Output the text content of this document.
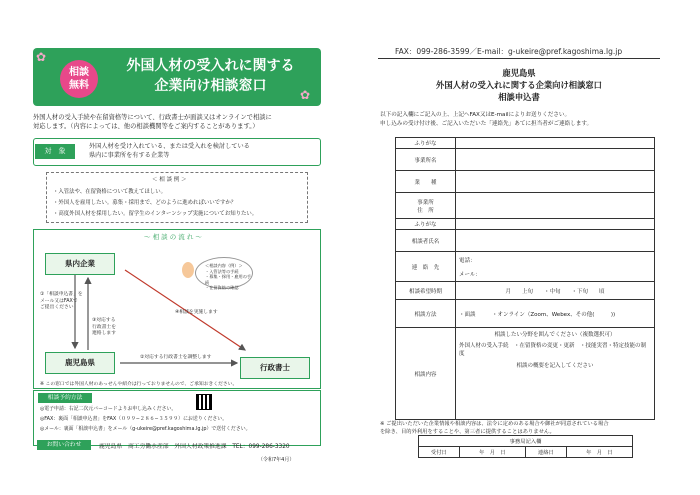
✿
✿
相談
無料
外国人材の受入れに関する
企業向け相談窓口
外国人材の受入手続や在留資格等について、行政書士が面談又はオンラインで相談に
対応します。（内容によっては、他の相談機関等をご案内することがあります。）
対　象
外国人材を受け入れている、または受入れを検討している
県内に事業所を有する企業等
＜ 相 談 例 ＞
・入管法や、在留資格について教えてほしい。
・外国人を雇用したい。募集・採用まで、どのように進めればいいですか？
・高度外国人材を採用したい。留学生のインターンシップ実施についてお知りたい。
〜 相 談 の 流 れ 〜
県内企業
鹿児島県
行政書士
①「相談申込書」を
メール又はFAXで
ご提出ください
③対応する
行政書士を
連絡します
②対応する行政書士を調整します
④相談を実施します
＜相談内容（例）＞
・入管法等の手続
・募集・採用・雇用の手続
・在留資格の確認
※ この窓口では外国人材のあっせんや紹介は行っておりませんので、ご承知おきください。
相談予約方法
◎電子申請：右記二次元バーコードよりお申し込みください。
◎FAX：裏面「相談申込書」をFAX（０９９−２８６−３５９９）にお送りください。
◎メール：裏面「相談申込書」をメール（g-ukeire@pref.kagoshima.lg.jp）で送付ください。
お問い合わせ	鹿児島県　商工労働水産部　外国人材政策推進課　TEL：099-286-3320
（令和7年4月）
FAX：099-286-3599／E-mail：g-ukeire@pref.kagoshima.lg.jp
鹿児島県
外国人材の受入れに関する企業向け相談窓口
相談申込書
以下の記入欄にご記入の上、上記へFAX又はE-mailによりお送りください。
申し込みの受け付け後、ご記入いただいた「連絡先」あてに担当者がご連絡します。
ふりがな	
事業所名	
業　　種	
事業所
住　所	
ふりがな	
相談者氏名	
連　絡　先	電話：
メール：

相談希望時期	月　　上旬　　・中旬　　・下旬　　頃
相談方法	・面談　　　・オンライン（Zoom、Webex、その他(　　　))
相談内容	相談したい分野を囲んでください（複数選択可）
外国人材の受入手続　・在留資格の変更・更新　・技能実習・特定技能の制度
相談の概要を記入してください
※ ご提出いただいた企業情報や相談内容は、法令に定めのある場合や御社が同意されている場合
を除き、目的外利用をすることや、第三者に提供することはありません。
事務局記入欄
受付日	年　月　日	連絡日	年　月　日
